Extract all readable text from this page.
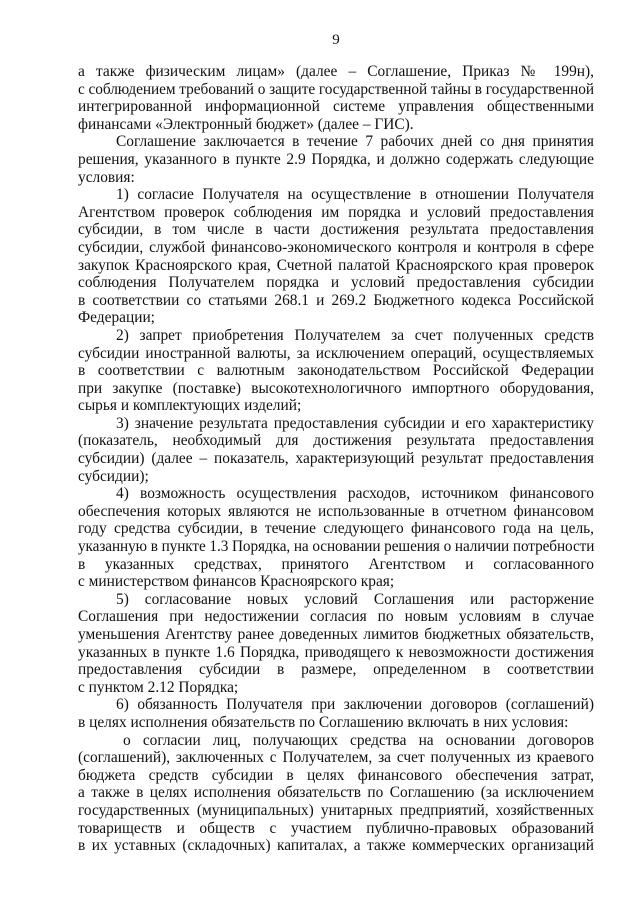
9
а также физическим лицам» (далее – Соглашение, Приказ № 199н),
с соблюдением требований о защите государственной тайны в государственной
интегрированной информационной системе управления общественными
финансами «Электронный бюджет» (далее – ГИС).
Соглашение заключается в течение 7 рабочих дней со дня принятия
решения, указанного в пункте 2.9 Порядка, и должно содержать следующие
условия:
1) согласие Получателя на осуществление в отношении Получателя
Агентством проверок соблюдения им порядка и условий предоставления
субсидии, в том числе в части достижения результата предоставления
субсидии, службой финансово-экономического контроля и контроля в сфере
закупок Красноярского края, Счетной палатой Красноярского края проверок
соблюдения Получателем порядка и условий предоставления субсидии
в соответствии со статьями 268.1 и 269.2 Бюджетного кодекса Российской
Федерации;
2) запрет приобретения Получателем за счет полученных средств
субсидии иностранной валюты, за исключением операций, осуществляемых
в соответствии с валютным законодательством Российской Федерации
при закупке (поставке) высокотехнологичного импортного оборудования,
сырья и комплектующих изделий;
3) значение результата предоставления субсидии и его характеристику
(показатель, необходимый для достижения результата предоставления
субсидии) (далее – показатель, характеризующий результат предоставления
субсидии);
4) возможность осуществления расходов, источником финансового
обеспечения которых являются не использованные в отчетном финансовом
году средства субсидии, в течение следующего финансового года на цель,
указанную в пункте 1.3 Порядка, на основании решения о наличии потребности
в указанных средствах, принятого Агентством и согласованного
с министерством финансов Красноярского края;
5) согласование новых условий Соглашения или расторжение
Соглашения при недостижении согласия по новым условиям в случае
уменьшения Агентству ранее доведенных лимитов бюджетных обязательств,
указанных в пункте 1.6 Порядка, приводящего к невозможности достижения
предоставления субсидии в размере, определенном в соответствии
с пунктом 2.12 Порядка;
6) обязанность Получателя при заключении договоров (соглашений)
в целях исполнения обязательств по Соглашению включать в них условия:
о согласии лиц, получающих средства на основании договоров
(соглашений), заключенных с Получателем, за счет полученных из краевого
бюджета средств субсидии в целях финансового обеспечения затрат,
а также в целях исполнения обязательств по Соглашению (за исключением
государственных (муниципальных) унитарных предприятий, хозяйственных
товариществ и обществ с участием публично-правовых образований
в их уставных (складочных) капиталах, а также коммерческих организаций
